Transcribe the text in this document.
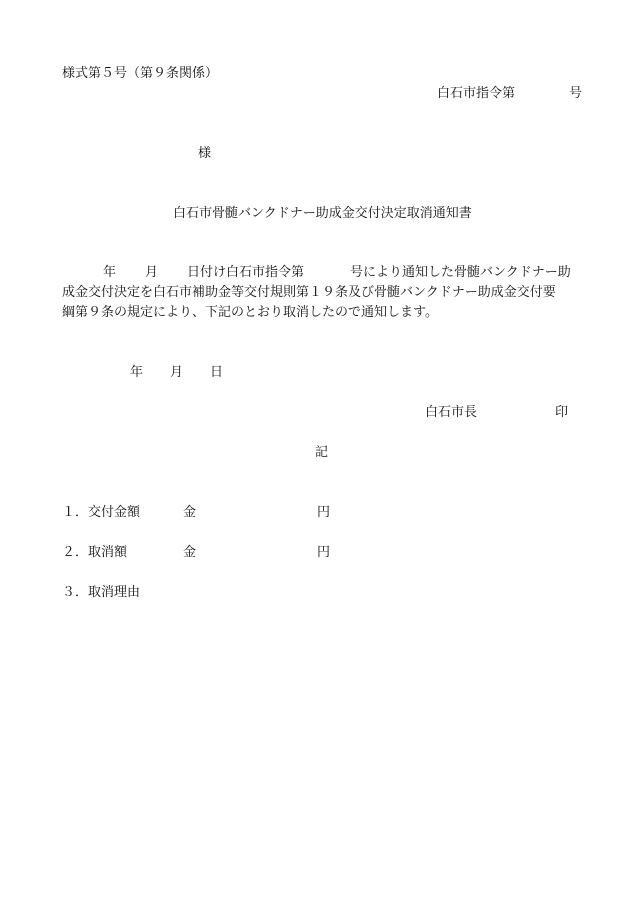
様式第５号（第９条関係）

白石市指令第	号

様

白石市骨髄バンクドナー助成金交付決定取消通知書

年 月 日付け白石市指令第	号により通知した骨髄バンクドナー助

成金交付決定を白石市補助金等交付規則第１９条及び骨髄バンクドナー助成金交付要

綱第９条の規定により、下記のとおり取消したので通知します。

年 月 日

白石市長	印

記

１．交付金額	金	円

２．取消額	金	円

３．取消理由
